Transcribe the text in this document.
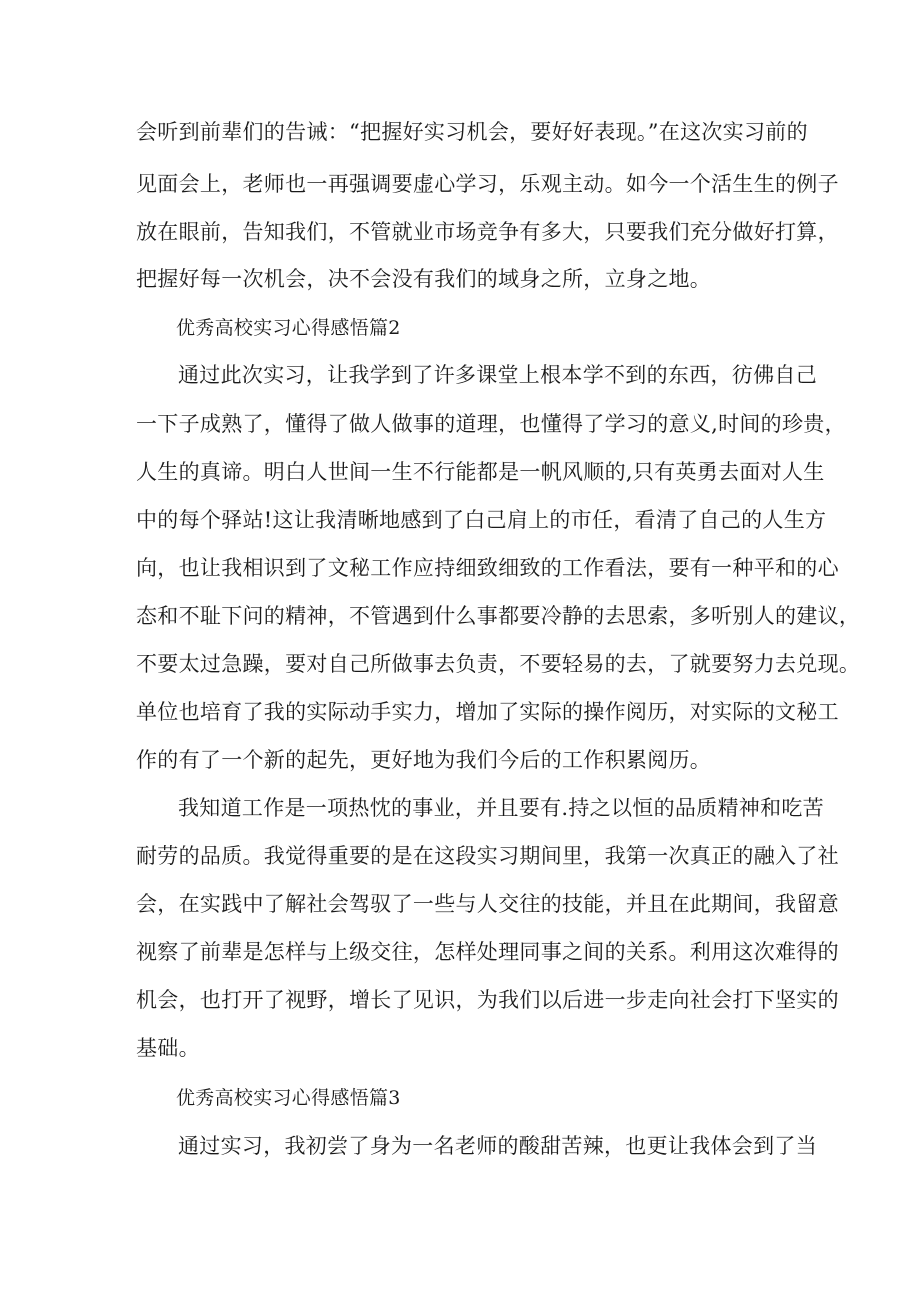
会听到前辈们的告诫：“把握好实习机会，要好好表现。”在这次实习前的
见面会上，老师也一再强调要虚心学习，乐观主动。如今一个活生生的例子
放在眼前，告知我们，不管就业市场竞争有多大，只要我们充分做好打算，
把握好每一次机会，决不会没有我们的域身之所，立身之地。
优秀高校实习心得感悟篇2
通过此次实习，让我学到了许多课堂上根本学不到的东西，彷佛自己
一下子成熟了，懂得了做人做事的道理，也懂得了学习的意义,时间的珍贵，
人生的真谛。明白人世间一生不行能都是一帆风顺的,只有英勇去面对人生
中的每个驿站!这让我清晰地感到了白己肩上的市任，看清了自己的人生方
向，也让我相识到了文秘工作应持细致细致的工作看法，要有一种平和的心
态和不耻下问的精神，不管遇到什么事都要冷静的去思索，多听别人的建议，
不要太过急躁，要对自己所做事去负责，不要轻易的去，了就要努力去兑现。
单位也培育了我的实际动手实力，增加了实际的操作阅历，对实际的文秘工
作的有了一个新的起先，更好地为我们今后的工作积累阅历。
我知道工作是一项热忱的事业，并且要有.持之以恒的品质精神和吃苦
耐劳的品质。我觉得重要的是在这段实习期间里，我第一次真正的融入了社
会，在实践中了解社会驾驭了一些与人交往的技能，并且在此期间，我留意
视察了前辈是怎样与上级交往，怎样处理同事之间的关系。利用这次难得的
机会，也打开了视野，增长了见识，为我们以后进一步走向社会打下坚实的
基础。
优秀高校实习心得感悟篇3
通过实习，我初尝了身为一名老师的酸甜苦辣，也更让我体会到了当
